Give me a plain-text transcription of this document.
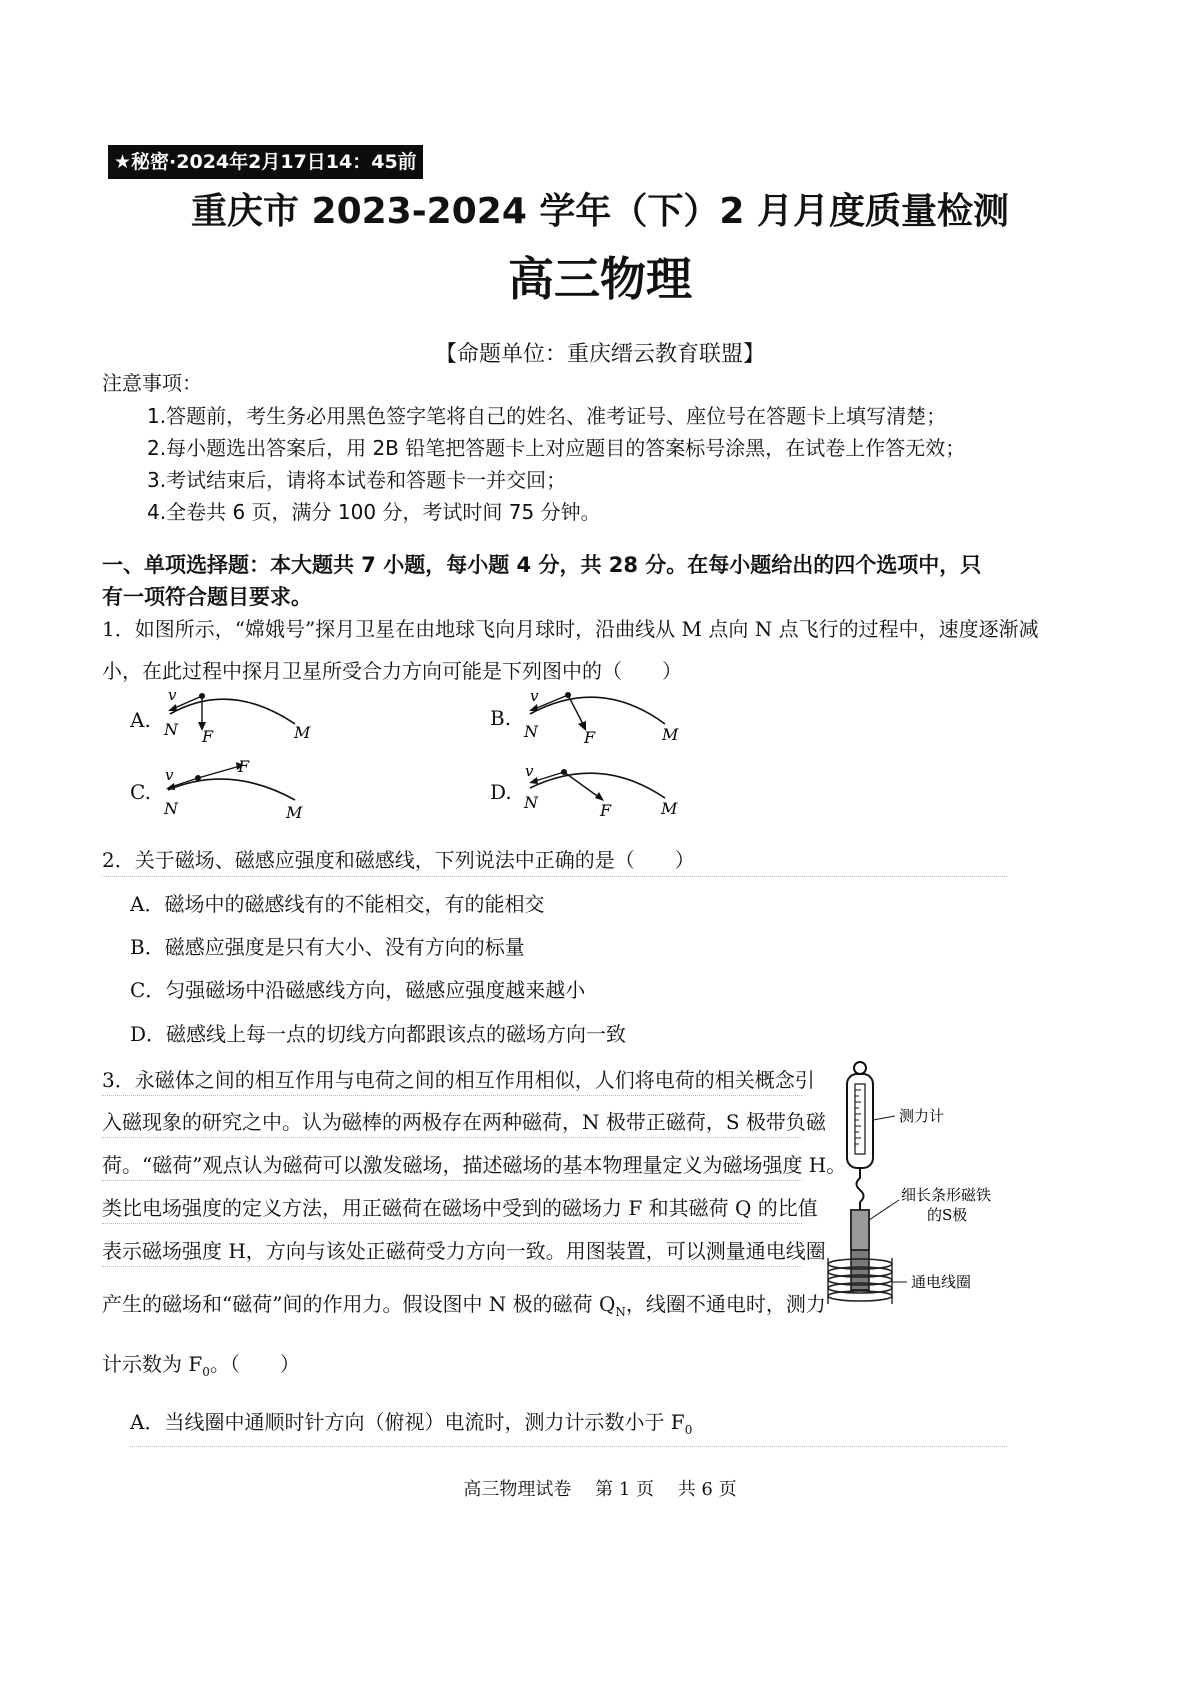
★秘密·2024年2月17日14：45前
重庆市 2023-2024 学年（下）2 月月度质量检测
高三物理
【命题单位：重庆缙云教育联盟】
注意事项：
1.答题前，考生务必用黑色签字笔将自己的姓名、准考证号、座位号在答题卡上填写清楚；
2.每小题选出答案后，用 2B 铅笔把答题卡上对应题目的答案标号涂黑，在试卷上作答无效；
3.考试结束后，请将本试卷和答题卡一并交回；
4.全卷共 6 页，满分 100 分，考试时间 75 分钟。
一、单项选择题：本大题共 7 小题，每小题 4 分，共 28 分。在每小题给出的四个选项中，只
有一项符合题目要求。
1．如图所示，“嫦娥号”探月卫星在由地球飞向月球时，沿曲线从 M 点向 N 点飞行的过程中，速度逐渐减
小，在此过程中探月卫星所受合力方向可能是下列图中的（　　）
A.
v
N F	M
B.
v
N	F	M
C.
v
N
F
M
D.
v
N	F	M
2．关于磁场、磁感应强度和磁感线，下列说法中正确的是（　　）
A．磁场中的磁感线有的不能相交，有的能相交
B．磁感应强度是只有大小、没有方向的标量
C．匀强磁场中沿磁感线方向，磁感应强度越来越小
D．磁感线上每一点的切线方向都跟该点的磁场方向一致
3．永磁体之间的相互作用与电荷之间的相互作用相似，人们将电荷的相关概念引
入磁现象的研究之中。认为磁棒的两极存在两种磁荷，N 极带正磁荷，S 极带负磁
荷。“磁荷”观点认为磁荷可以激发磁场，描述磁场的基本物理量定义为磁场强度 H。
类比电场强度的定义方法，用正磁荷在磁场中受到的磁场力 F 和其磁荷 Q 的比值
表示磁场强度 H，方向与该处正磁荷受力方向一致。用图装置，可以测量通电线圈
产生的磁场和“磁荷”间的作用力。假设图中 N 极的磁荷 $Q_N$，线圈不通电时，测力
计示数为 $F_0$。（　　）
A．当线圈中通顺时针方向（俯视）电流时，测力计示数小于 $F_0$
测力计
细长条形磁铁
的S极
通电线圈
高三物理试卷　 第 1 页　 共 6 页
